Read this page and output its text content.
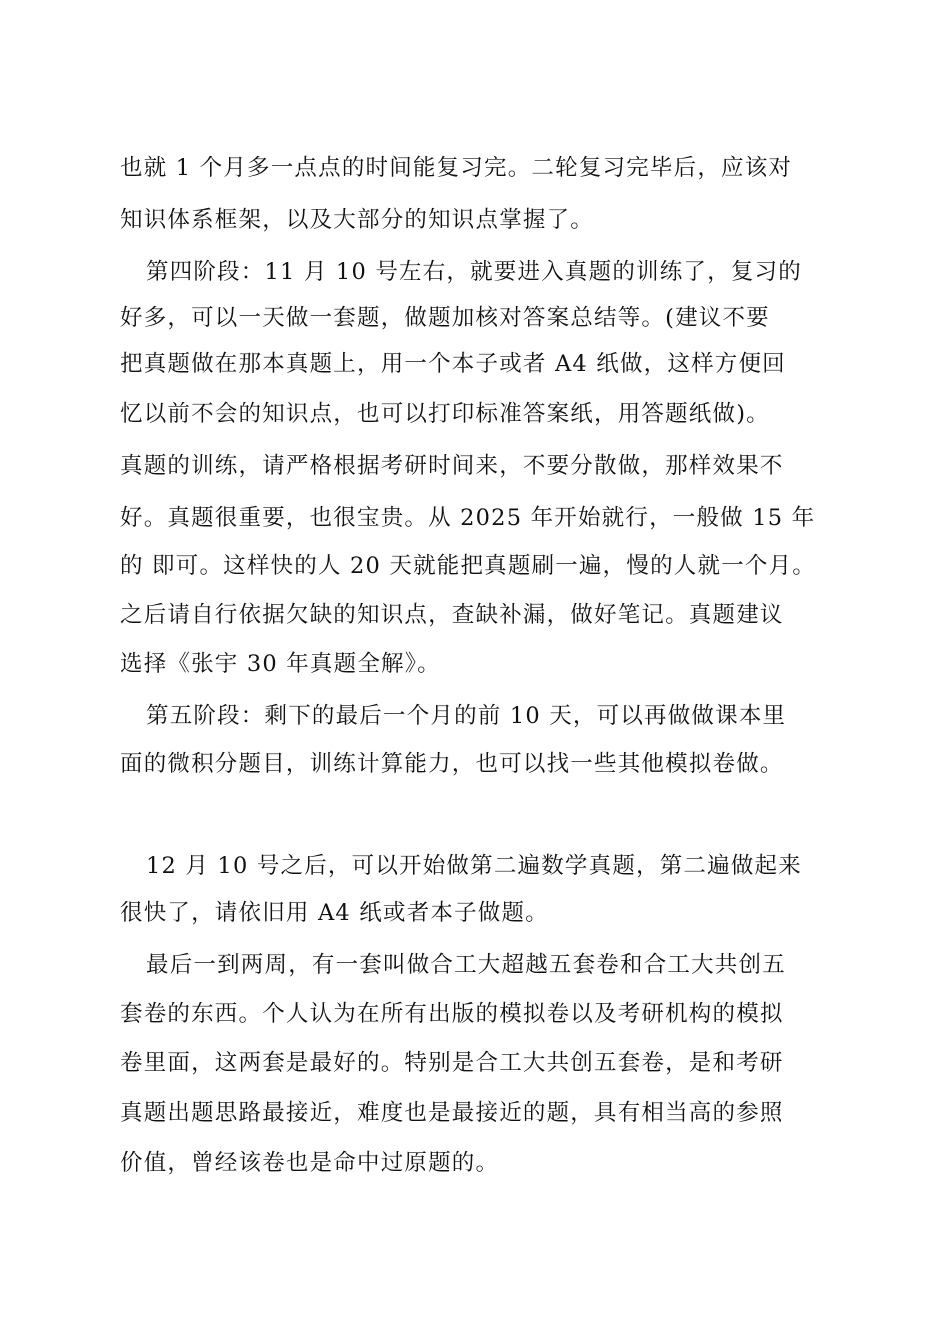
也就 1 个月多一点点的时间能复习完。二轮复习完毕后，应该对

知识体系框架，以及大部分的知识点掌握了。

第四阶段：11 月 10 号左右，就要进入真题的训练了，复习的

好多，可以一天做一套题，做题加核对答案总结等。(建议不要

把真题做在那本真题上，用一个本子或者 A4 纸做，这样方便回

忆以前不会的知识点，也可以打印标准答案纸，用答题纸做)。

真题的训练，请严格根据考研时间来，不要分散做，那样效果不

好。真题很重要，也很宝贵。从 2025 年开始就行，一般做 15 年

的 即可。这样快的人 20 天就能把真题刷一遍，慢的人就一个月。

之后请自行依据欠缺的知识点，查缺补漏，做好笔记。真题建议

选择《张宇 30 年真题全解》。

第五阶段：剩下的最后一个月的前 10 天，可以再做做课本里

面的微积分题目，训练计算能力，也可以找一些其他模拟卷做。

12 月 10 号之后，可以开始做第二遍数学真题，第二遍做起来

很快了，请依旧用 A4 纸或者本子做题。

最后一到两周，有一套叫做合工大超越五套卷和合工大共创五

套卷的东西。个人认为在所有出版的模拟卷以及考研机构的模拟

卷里面，这两套是最好的。特别是合工大共创五套卷，是和考研

真题出题思路最接近，难度也是最接近的题，具有相当高的参照

价值，曾经该卷也是命中过原题的。
